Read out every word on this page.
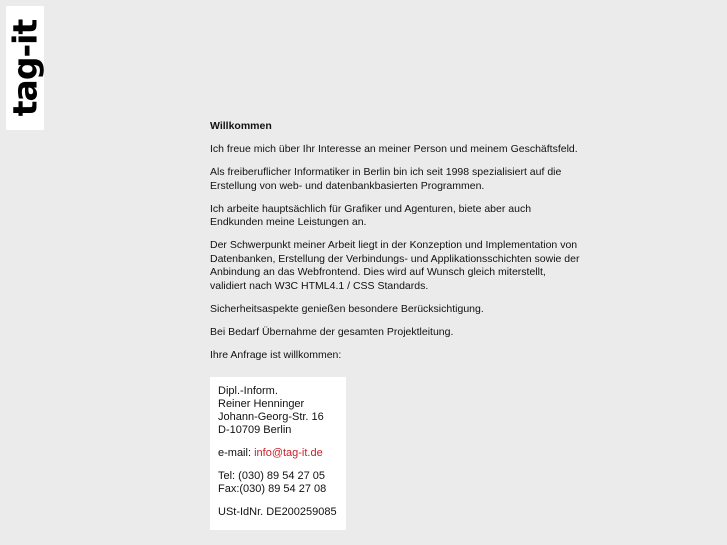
tag-it

Willkommen

Ich freue mich über Ihr Interesse an meiner Person und meinem Geschäftsfeld.

Als freiberuflicher Informatiker in Berlin bin ich seit 1998 spezialisiert auf die Erstellung von web- und datenbankbasierten Programmen.

Ich arbeite hauptsächlich für Grafiker und Agenturen, biete aber auch Endkunden meine Leistungen an.

Der Schwerpunkt meiner Arbeit liegt in der Konzeption und Implementation von Datenbanken, Erstellung der Verbindungs- und Applikationsschichten sowie der Anbindung an das Webfrontend. Dies wird auf Wunsch gleich miterstellt, validiert nach W3C HTML4.1 / CSS Standards.

Sicherheitsaspekte genießen besondere Berücksichtigung.

Bei Bedarf Übernahme der gesamten Projektleitung.

Ihre Anfrage ist willkommen:

Dipl.-Inform.
Reiner Henninger
Johann-Georg-Str. 16
D-10709 Berlin
e-mail: info@tag-it.de
Tel: (030) 89 54 27 05
Fax:(030) 89 54 27 08
USt-IdNr. DE200259085
